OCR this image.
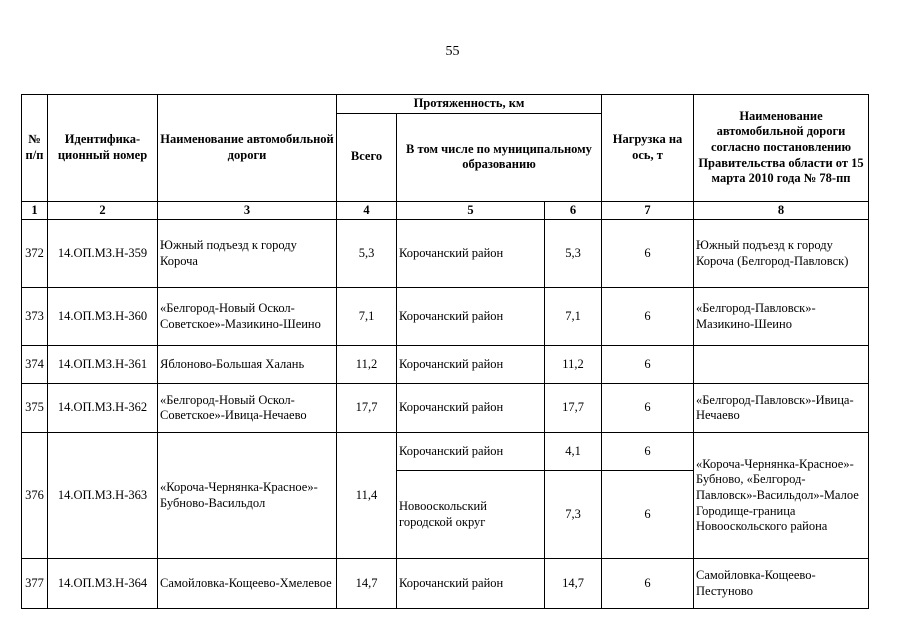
55
№ п/п	Идентифика-ционный номер	Наименование автомобильной дороги	Протяженность, км			Нагрузка на ось, т	Наименование автомобильной дороги согласно постановлению Правительства области от 15 марта 2010 года № 78-пп
			Всего	В том числе по муниципальному образованию			
1	2	3	4	5	6	7	8
372	14.ОП.МЗ.Н-359	Южный подъезд к городу Короча	5,3	Корочанский район	5,3	6	Южный подъезд к городу Короча (Белгород-Павловск)
373	14.ОП.МЗ.Н-360	«Белгород-Новый Оскол-Советское»-Мазикино-Шеино	7,1	Корочанский район	7,1	6	«Белгород-Павловск»-Мазикино-Шеино
374	14.ОП.МЗ.Н-361	Яблоново-Большая Халань	11,2	Корочанский район	11,2	6	
375	14.ОП.МЗ.Н-362	«Белгород-Новый Оскол-Советское»-Ивица-Нечаево	17,7	Корочанский район	17,7	6	«Белгород-Павловск»-Ивица-Нечаево
376	14.ОП.МЗ.Н-363	«Короча-Чернянка-Красное»-Бубново-Васильдол	11,4	Корочанский район	4,1	6	«Короча-Чернянка-Красное»-Бубново, «Белгород-Павловск»-Васильдол»-Малое Городище-граница Новооскольского района
				Новооскольский городской округ	7,3	6	
377	14.ОП.МЗ.Н-364	Самойловка-Кощеево-Хмелевое	14,7	Корочанский район	14,7	6	Самойловка-Кощеево-Пестуново
